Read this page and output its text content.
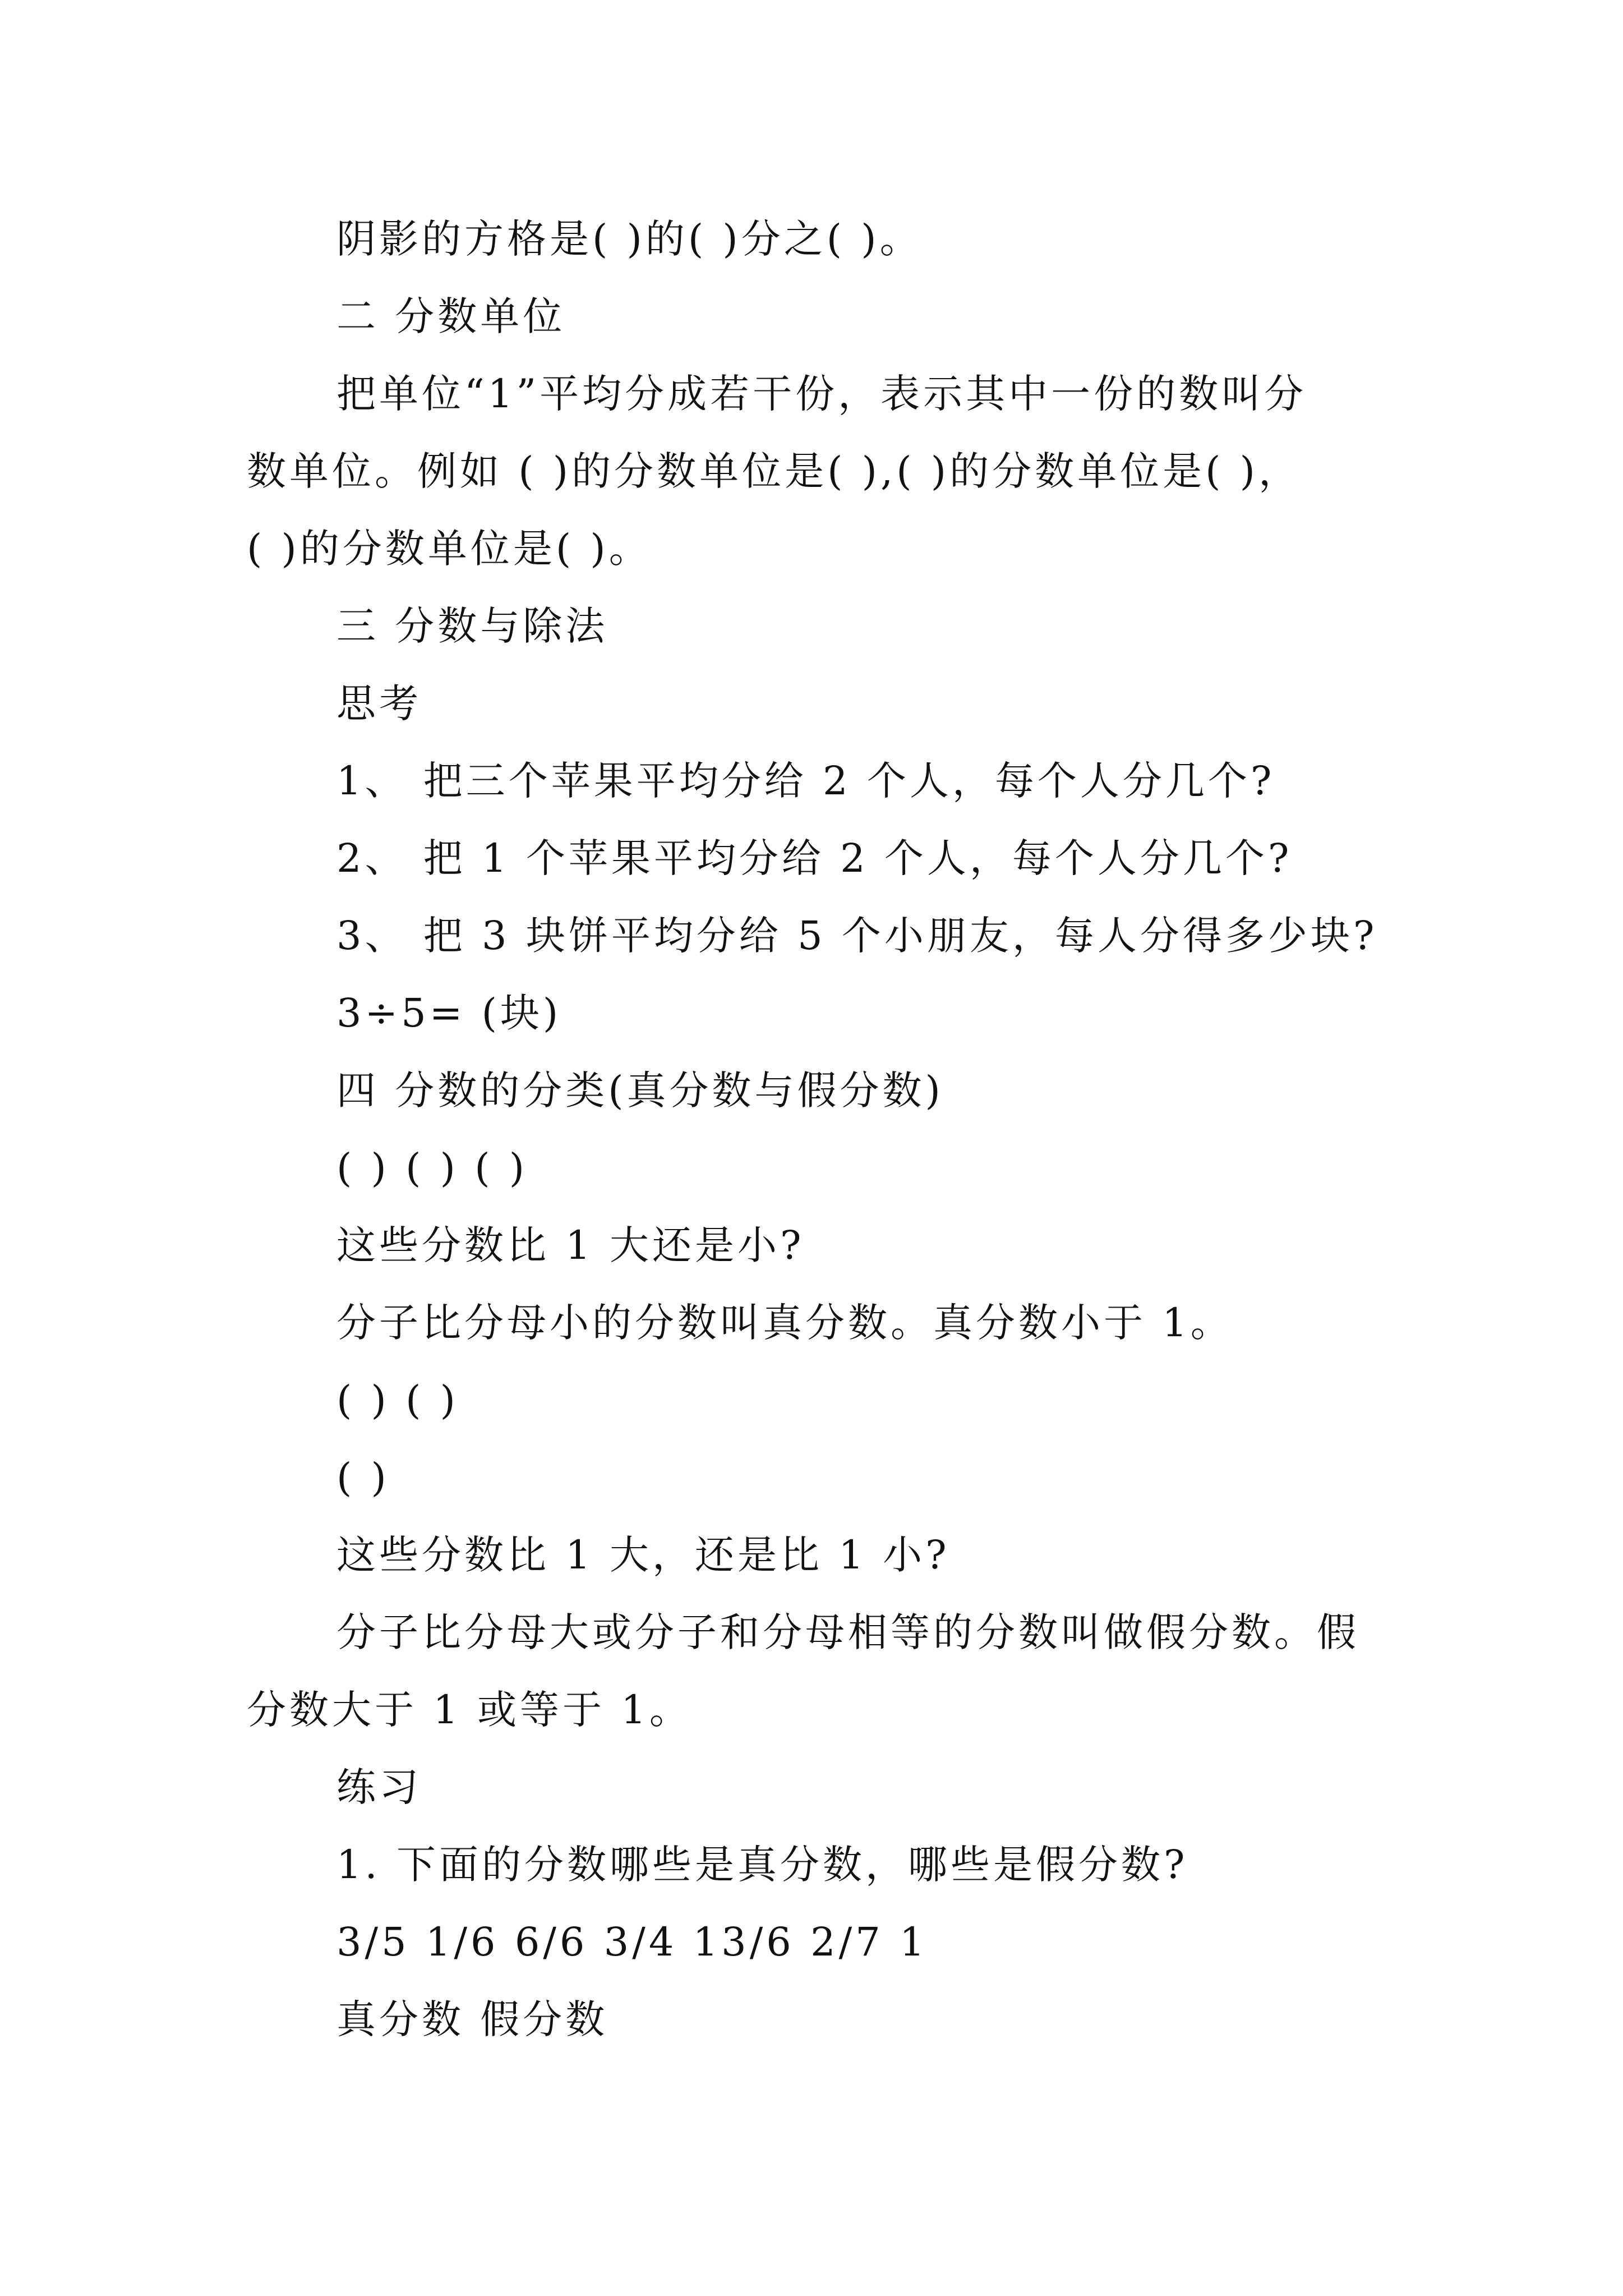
阴影的方格是( )的( )分之( )。

二 分数单位

把单位“1”平均分成若干份，表示其中一份的数叫分

数单位。例如 ( )的分数单位是( ),( )的分数单位是( )，

( )的分数单位是( )。

三 分数与除法

思考

1、 把三个苹果平均分给 2 个人，每个人分几个?

2、 把 1 个苹果平均分给 2 个人，每个人分几个?

3、 把 3 块饼平均分给 5 个小朋友，每人分得多少块?

3÷5= (块)

四 分数的分类(真分数与假分数)

( ) ( ) ( )

这些分数比 1 大还是小?

分子比分母小的分数叫真分数。真分数小于 1。

( ) ( )

( )

这些分数比 1 大，还是比 1 小?

分子比分母大或分子和分母相等的分数叫做假分数。假

分数大于 1 或等于 1。

练习

1. 下面的分数哪些是真分数，哪些是假分数?

3/5 1/6 6/6 3/4 13/6 2/7 1

真分数 假分数
